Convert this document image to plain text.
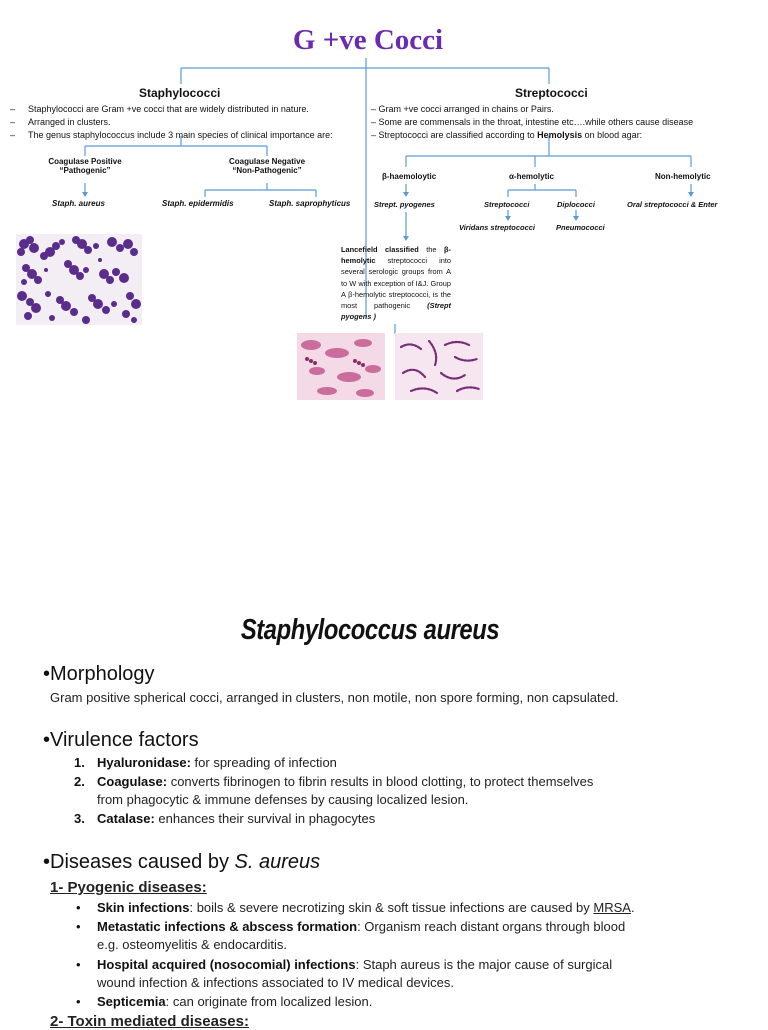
G +ve Cocci
Staphylococci
– Staphylococci are Gram +ve cocci that are widely distributed in nature.
– Arranged in clusters.
– The genus staphylococcus include 3 main species of clinical importance are:
Coagulase Positive
“Pathogenic”
Coagulase Negative
“Non-Pathogenic”
Staph. aureus	Staph. epidermidis	Staph. saprophyticus
Streptococci
– Gram +ve cocci arranged in chains or Pairs.
– Some are commensals in the throat, intestine etc….while others cause disease
– Streptococci are classified according to Hemolysis on blood agar:
β-haemoloytic	α-hemolytic	Non-hemolytic
Strept. pyogenes	Streptococci	Diplococci	Oral streptococci & Enter
Viridans streptococci	Pneumococci
Lancefield classified the β-hemolytic streptococci into several serologic groups from A to W with exception of I&J. Group A β-hemolytic streptococci, is the most pathogenic (Strept pyogens )
Staphylococcus aureus
•Morphology
Gram positive spherical cocci, arranged in clusters, non motile, non spore forming, non capsulated.
•Virulence factors
1. Hyaluronidase: for spreading of infection
2. Coagulase: converts fibrinogen to fibrin results in blood clotting, to protect themselves
from phagocytic & immune defenses by causing localized lesion.
3. Catalase: enhances their survival in phagocytes
•Diseases caused by S. aureus
1- Pyogenic diseases:
• Skin infections: boils & severe necrotizing skin & soft tissue infections are caused by MRSA.
• Metastatic infections & abscess formation: Organism reach distant organs through blood
e.g. osteomyelitis & endocarditis.
• Hospital acquired (nosocomial) infections: Staph aureus is the major cause of surgical
wound infection & infections associated to IV medical devices.
• Septicemia: can originate from localized lesion.
2- Toxin mediated diseases:
